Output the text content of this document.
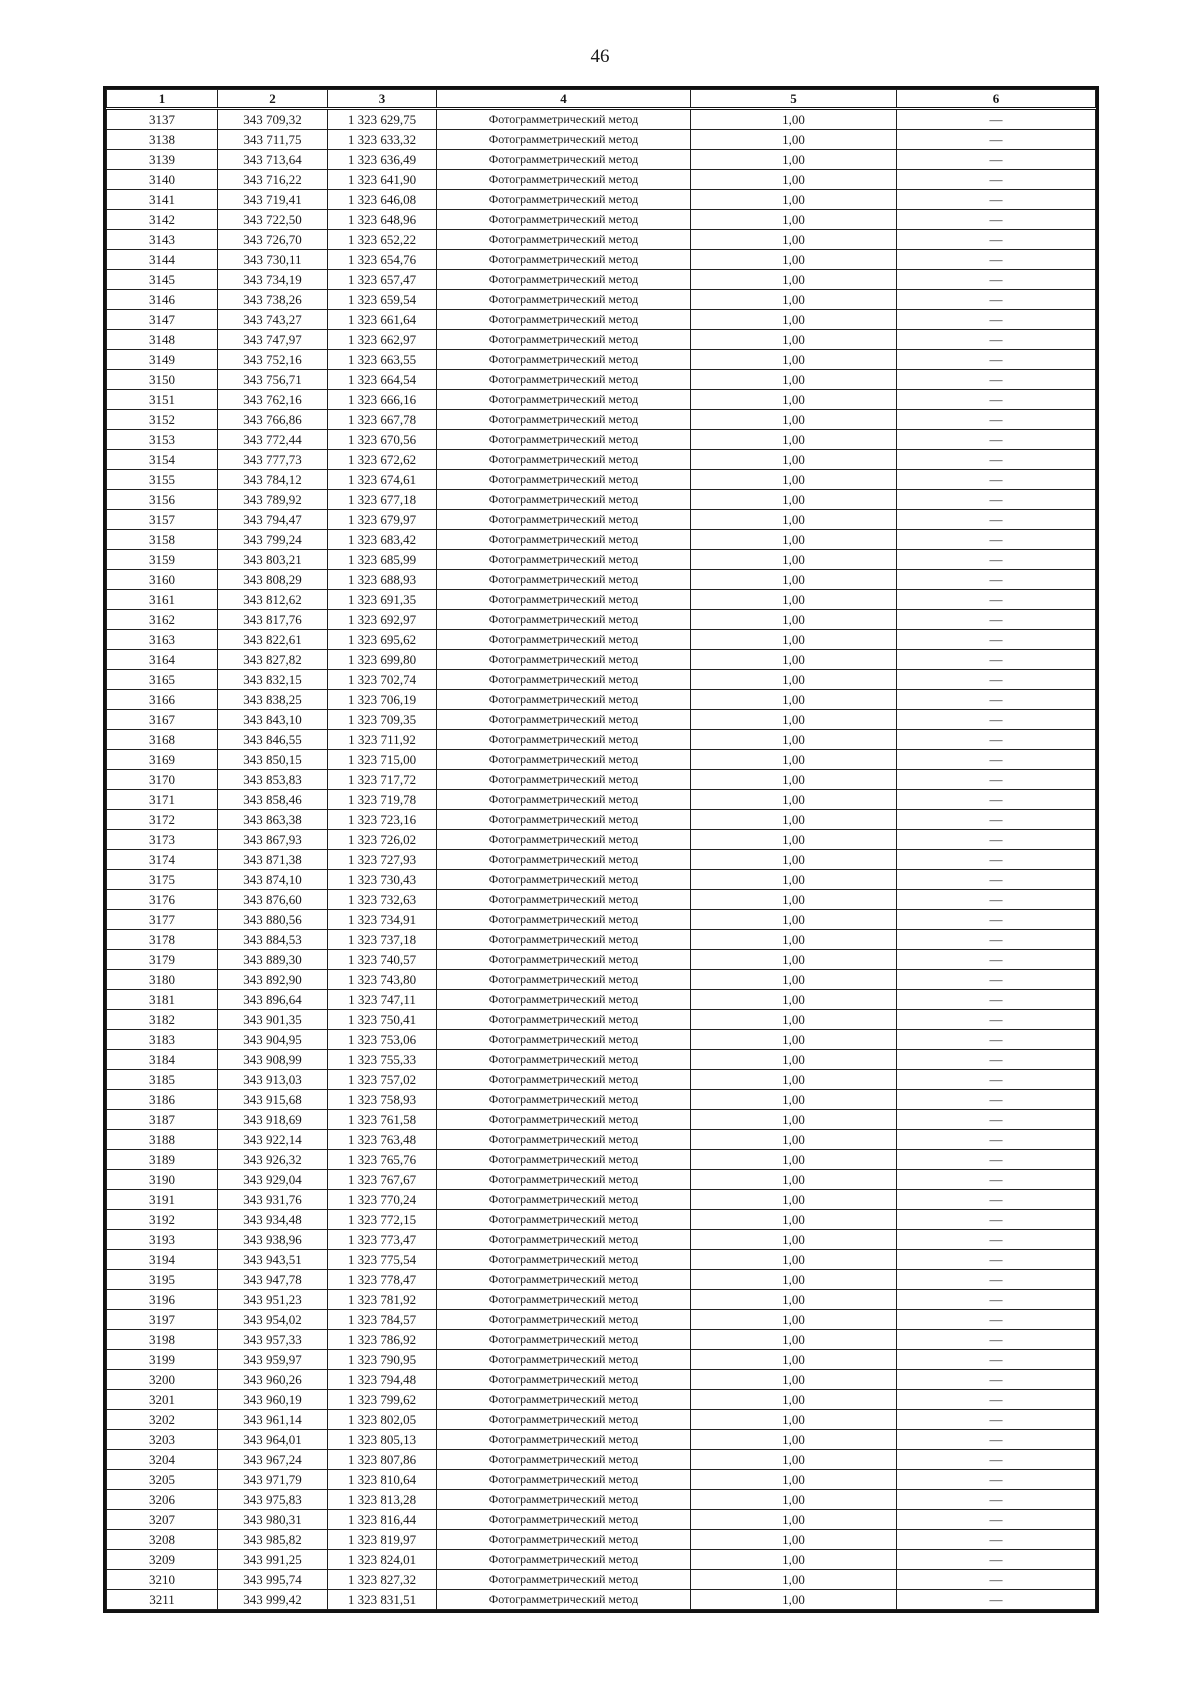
46
1	2	3	4	5	6
3137	343 709,32	1 323 629,75	Фотограмметрический метод	1,00	—
3138	343 711,75	1 323 633,32	Фотограмметрический метод	1,00	—
3139	343 713,64	1 323 636,49	Фотограмметрический метод	1,00	—
3140	343 716,22	1 323 641,90	Фотограмметрический метод	1,00	—
3141	343 719,41	1 323 646,08	Фотограмметрический метод	1,00	—
3142	343 722,50	1 323 648,96	Фотограмметрический метод	1,00	—
3143	343 726,70	1 323 652,22	Фотограмметрический метод	1,00	—
3144	343 730,11	1 323 654,76	Фотограмметрический метод	1,00	—
3145	343 734,19	1 323 657,47	Фотограмметрический метод	1,00	—
3146	343 738,26	1 323 659,54	Фотограмметрический метод	1,00	—
3147	343 743,27	1 323 661,64	Фотограмметрический метод	1,00	—
3148	343 747,97	1 323 662,97	Фотограмметрический метод	1,00	—
3149	343 752,16	1 323 663,55	Фотограмметрический метод	1,00	—
3150	343 756,71	1 323 664,54	Фотограмметрический метод	1,00	—
3151	343 762,16	1 323 666,16	Фотограмметрический метод	1,00	—
3152	343 766,86	1 323 667,78	Фотограмметрический метод	1,00	—
3153	343 772,44	1 323 670,56	Фотограмметрический метод	1,00	—
3154	343 777,73	1 323 672,62	Фотограмметрический метод	1,00	—
3155	343 784,12	1 323 674,61	Фотограмметрический метод	1,00	—
3156	343 789,92	1 323 677,18	Фотограмметрический метод	1,00	—
3157	343 794,47	1 323 679,97	Фотограмметрический метод	1,00	—
3158	343 799,24	1 323 683,42	Фотограмметрический метод	1,00	—
3159	343 803,21	1 323 685,99	Фотограмметрический метод	1,00	—
3160	343 808,29	1 323 688,93	Фотограмметрический метод	1,00	—
3161	343 812,62	1 323 691,35	Фотограмметрический метод	1,00	—
3162	343 817,76	1 323 692,97	Фотограмметрический метод	1,00	—
3163	343 822,61	1 323 695,62	Фотограмметрический метод	1,00	—
3164	343 827,82	1 323 699,80	Фотограмметрический метод	1,00	—
3165	343 832,15	1 323 702,74	Фотограмметрический метод	1,00	—
3166	343 838,25	1 323 706,19	Фотограмметрический метод	1,00	—
3167	343 843,10	1 323 709,35	Фотограмметрический метод	1,00	—
3168	343 846,55	1 323 711,92	Фотограмметрический метод	1,00	—
3169	343 850,15	1 323 715,00	Фотограмметрический метод	1,00	—
3170	343 853,83	1 323 717,72	Фотограмметрический метод	1,00	—
3171	343 858,46	1 323 719,78	Фотограмметрический метод	1,00	—
3172	343 863,38	1 323 723,16	Фотограмметрический метод	1,00	—
3173	343 867,93	1 323 726,02	Фотограмметрический метод	1,00	—
3174	343 871,38	1 323 727,93	Фотограмметрический метод	1,00	—
3175	343 874,10	1 323 730,43	Фотограмметрический метод	1,00	—
3176	343 876,60	1 323 732,63	Фотограмметрический метод	1,00	—
3177	343 880,56	1 323 734,91	Фотограмметрический метод	1,00	—
3178	343 884,53	1 323 737,18	Фотограмметрический метод	1,00	—
3179	343 889,30	1 323 740,57	Фотограмметрический метод	1,00	—
3180	343 892,90	1 323 743,80	Фотограмметрический метод	1,00	—
3181	343 896,64	1 323 747,11	Фотограмметрический метод	1,00	—
3182	343 901,35	1 323 750,41	Фотограмметрический метод	1,00	—
3183	343 904,95	1 323 753,06	Фотограмметрический метод	1,00	—
3184	343 908,99	1 323 755,33	Фотограмметрический метод	1,00	—
3185	343 913,03	1 323 757,02	Фотограмметрический метод	1,00	—
3186	343 915,68	1 323 758,93	Фотограмметрический метод	1,00	—
3187	343 918,69	1 323 761,58	Фотограмметрический метод	1,00	—
3188	343 922,14	1 323 763,48	Фотограмметрический метод	1,00	—
3189	343 926,32	1 323 765,76	Фотограмметрический метод	1,00	—
3190	343 929,04	1 323 767,67	Фотограмметрический метод	1,00	—
3191	343 931,76	1 323 770,24	Фотограмметрический метод	1,00	—
3192	343 934,48	1 323 772,15	Фотограмметрический метод	1,00	—
3193	343 938,96	1 323 773,47	Фотограмметрический метод	1,00	—
3194	343 943,51	1 323 775,54	Фотограмметрический метод	1,00	—
3195	343 947,78	1 323 778,47	Фотограмметрический метод	1,00	—
3196	343 951,23	1 323 781,92	Фотограмметрический метод	1,00	—
3197	343 954,02	1 323 784,57	Фотограмметрический метод	1,00	—
3198	343 957,33	1 323 786,92	Фотограмметрический метод	1,00	—
3199	343 959,97	1 323 790,95	Фотограмметрический метод	1,00	—
3200	343 960,26	1 323 794,48	Фотограмметрический метод	1,00	—
3201	343 960,19	1 323 799,62	Фотограмметрический метод	1,00	—
3202	343 961,14	1 323 802,05	Фотограмметрический метод	1,00	—
3203	343 964,01	1 323 805,13	Фотограмметрический метод	1,00	—
3204	343 967,24	1 323 807,86	Фотограмметрический метод	1,00	—
3205	343 971,79	1 323 810,64	Фотограмметрический метод	1,00	—
3206	343 975,83	1 323 813,28	Фотограмметрический метод	1,00	—
3207	343 980,31	1 323 816,44	Фотограмметрический метод	1,00	—
3208	343 985,82	1 323 819,97	Фотограмметрический метод	1,00	—
3209	343 991,25	1 323 824,01	Фотограмметрический метод	1,00	—
3210	343 995,74	1 323 827,32	Фотограмметрический метод	1,00	—
3211	343 999,42	1 323 831,51	Фотограмметрический метод	1,00	—
